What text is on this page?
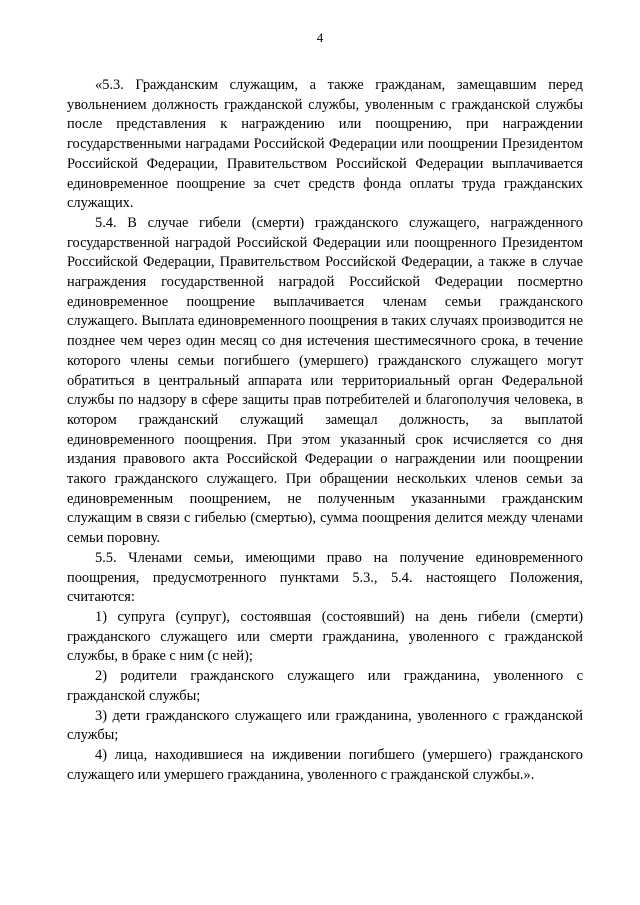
4

«5.3. Гражданским служащим, а также гражданам, замещавшим перед увольнением должность гражданской службы, уволенным с гражданской службы после представления к награждению или поощрению, при награждении государственными наградами Российской Федерации или поощрении Президентом Российской Федерации, Правительством Российской Федерации выплачивается единовременное поощрение за счет средств фонда оплаты труда гражданских служащих.

5.4. В случае гибели (смерти) гражданского служащего, награжденного государственной наградой Российской Федерации или поощренного Президентом Российской Федерации, Правительством Российской Федерации, а также в случае награждения государственной наградой Российской Федерации посмертно единовременное поощрение выплачивается членам семьи гражданского служащего. Выплата единовременного поощрения в таких случаях производится не позднее чем через один месяц со дня истечения шестимесячного срока, в течение которого члены семьи погибшего (умершего) гражданского служащего могут обратиться в центральный аппарата или территориальный орган Федеральной службы по надзору в сфере защиты прав потребителей и благополучия человека, в котором гражданский служащий замещал должность, за выплатой единовременного поощрения. При этом указанный срок исчисляется со дня издания правового акта Российской Федерации о награждении или поощрении такого гражданского служащего. При обращении нескольких членов семьи за единовременным поощрением, не полученным указанными гражданским служащим в связи с гибелью (смертью), сумма поощрения делится между членами семьи поровну.

5.5. Членами семьи, имеющими право на получение единовременного поощрения, предусмотренного пунктами 5.3., 5.4. настоящего Положения, считаются:

1) супруга (супруг), состоявшая (состоявший) на день гибели (смерти) гражданского служащего или смерти гражданина, уволенного с гражданской службы, в браке с ним (с ней);

2) родители гражданского служащего или гражданина, уволенного с гражданской службы;

3) дети гражданского служащего или гражданина, уволенного с гражданской службы;

4) лица, находившиеся на иждивении погибшего (умершего) гражданского служащего или умершего гражданина, уволенного с гражданской службы.».
